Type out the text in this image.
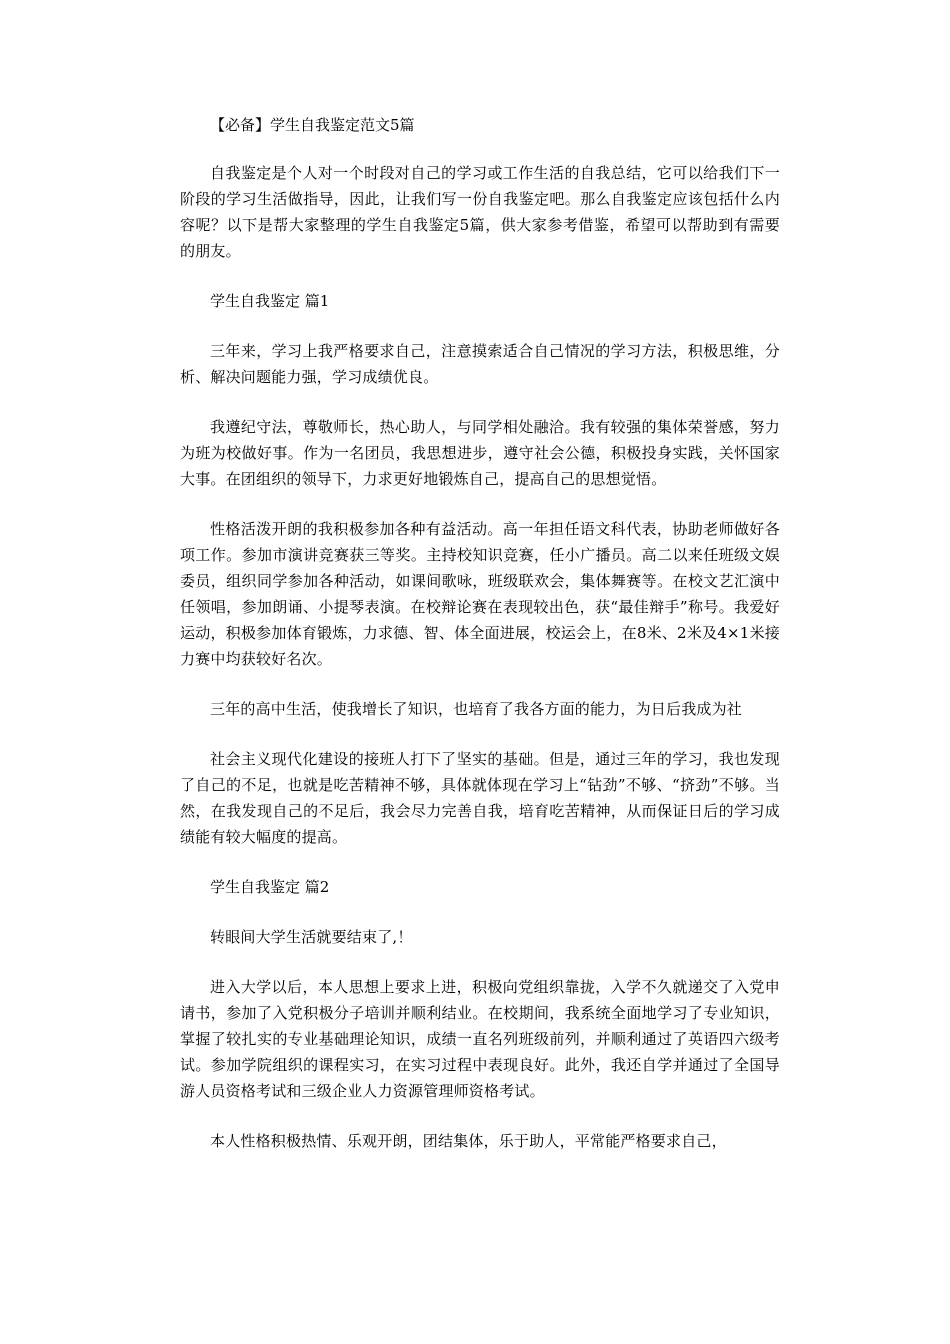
【必备】学生自我鉴定范文5篇

自我鉴定是个人对一个时段对自己的学习或工作生活的自我总结，它可以给我们下一阶段的学习生活做指导，因此，让我们写一份自我鉴定吧。那么自我鉴定应该包括什么内容呢？以下是帮大家整理的学生自我鉴定5篇，供大家参考借鉴，希望可以帮助到有需要的朋友。

学生自我鉴定 篇1

三年来，学习上我严格要求自己，注意摸索适合自己情况的学习方法，积极思维，分析、解决问题能力强，学习成绩优良。

我遵纪守法，尊敬师长，热心助人，与同学相处融洽。我有较强的集体荣誉感，努力为班为校做好事。作为一名团员，我思想进步，遵守社会公德，积极投身实践，关怀国家大事。在团组织的领导下，力求更好地锻炼自己，提高自己的思想觉悟。

性格活泼开朗的我积极参加各种有益活动。高一年担任语文科代表，协助老师做好各项工作。参加市演讲竞赛获三等奖。主持校知识竞赛，任小广播员。高二以来任班级文娱委员，组织同学参加各种活动，如课间歌咏，班级联欢会，集体舞赛等。在校文艺汇演中任领唱，参加朗诵、小提琴表演。在校辩论赛在表现较出色，获“最佳辩手”称号。我爱好运动，积极参加体育锻炼，力求德、智、体全面进展，校运会上，在8米、2米及4×1米接力赛中均获较好名次。

三年的高中生活，使我增长了知识，也培育了我各方面的能力，为日后我成为社

社会主义现代化建设的接班人打下了坚实的基础。但是，通过三年的学习，我也发现了自己的不足，也就是吃苦精神不够，具体就体现在学习上“钻劲”不够、“挤劲”不够。当然，在我发现自己的不足后，我会尽力完善自我，培育吃苦精神，从而保证日后的学习成绩能有较大幅度的提高。

学生自我鉴定 篇2

转眼间大学生活就要结束了,！

进入大学以后，本人思想上要求上进，积极向党组织靠拢，入学不久就递交了入党申请书，参加了入党积极分子培训并顺利结业。在校期间，我系统全面地学习了专业知识，掌握了较扎实的专业基础理论知识，成绩一直名列班级前列，并顺利通过了英语四六级考试。参加学院组织的课程实习，在实习过程中表现良好。此外，我还自学并通过了全国导游人员资格考试和三级企业人力资源管理师资格考试。

本人性格积极热情、乐观开朗，团结集体，乐于助人，平常能严格要求自己，
